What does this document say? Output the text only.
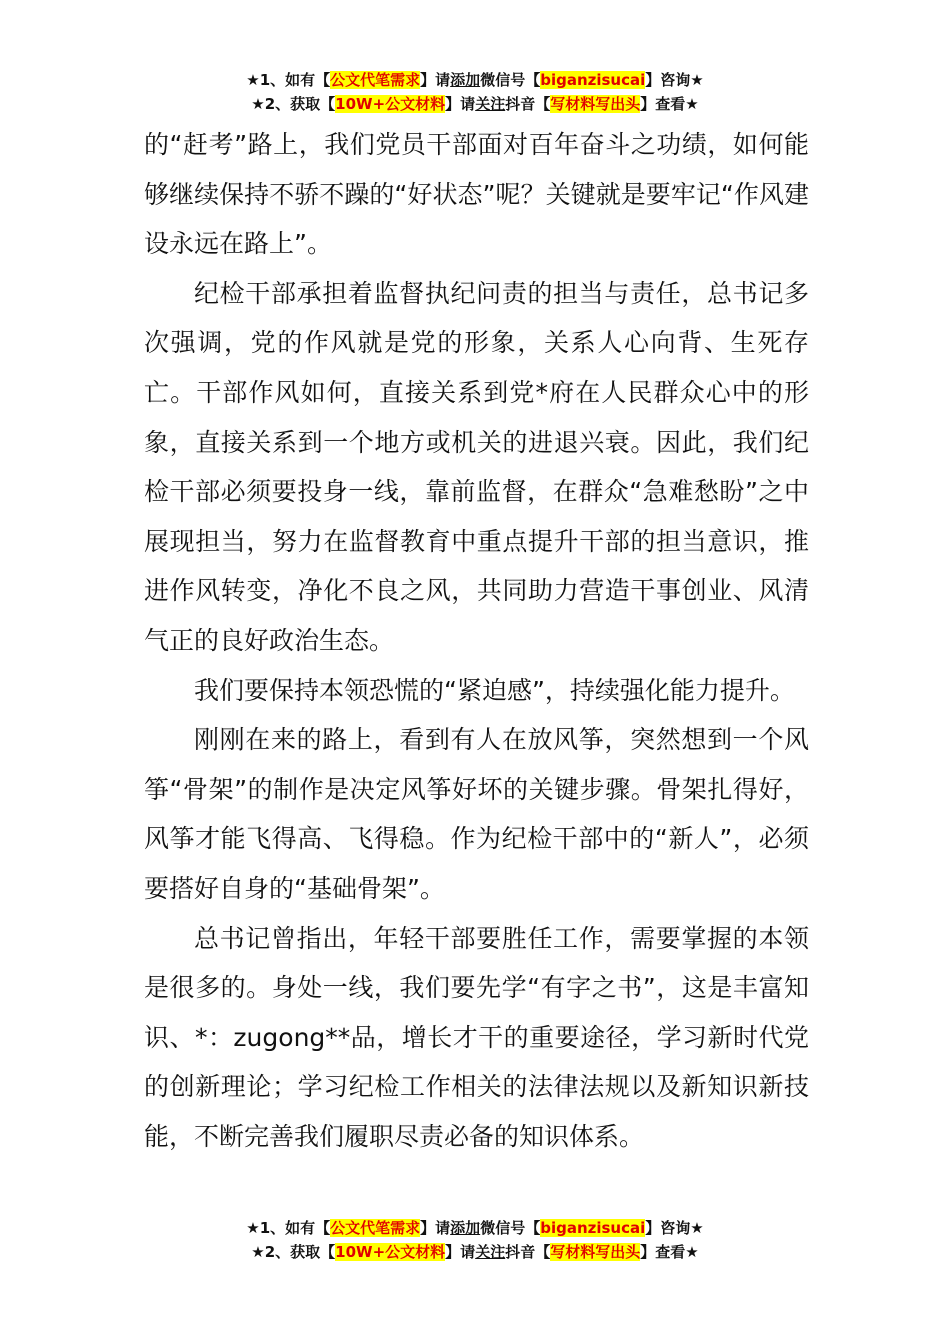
★1、如有【公文代笔需求】请添加微信号【biganzisucai】咨询★
★2、获取【10W+公文材料】请关注抖音【写材料写出头】查看★

的“赶考”路上，我们党员干部面对百年奋斗之功绩，如何能够继续保持不骄不躁的“好状态”呢？关键就是要牢记“作风建设永远在路上”。

纪检干部承担着监督执纪问责的担当与责任，总书记多次强调，党的作风就是党的形象，关系人心向背、生死存亡。干部作风如何，直接关系到党*府在人民群众心中的形象，直接关系到一个地方或机关的进退兴衰。因此，我们纪检干部必须要投身一线，靠前监督，在群众“急难愁盼”之中展现担当，努力在监督教育中重点提升干部的担当意识，推进作风转变，净化不良之风，共同助力营造干事创业、风清气正的良好政治生态。

我们要保持本领恐慌的“紧迫感”，持续强化能力提升。

刚刚在来的路上，看到有人在放风筝，突然想到一个风筝“骨架”的制作是决定风筝好坏的关键步骤。骨架扎得好，风筝才能飞得高、飞得稳。作为纪检干部中的“新人”，必须要搭好自身的“基础骨架”。

总书记曾指出，年轻干部要胜任工作，需要掌握的本领是很多的。身处一线，我们要先学“有字之书”，这是丰富知识、*：zugong**品，增长才干的重要途径，学习新时代党的创新理论；学习纪检工作相关的法律法规以及新知识新技能，不断完善我们履职尽责必备的知识体系。

★1、如有【公文代笔需求】请添加微信号【biganzisucai】咨询★
★2、获取【10W+公文材料】请关注抖音【写材料写出头】查看★
